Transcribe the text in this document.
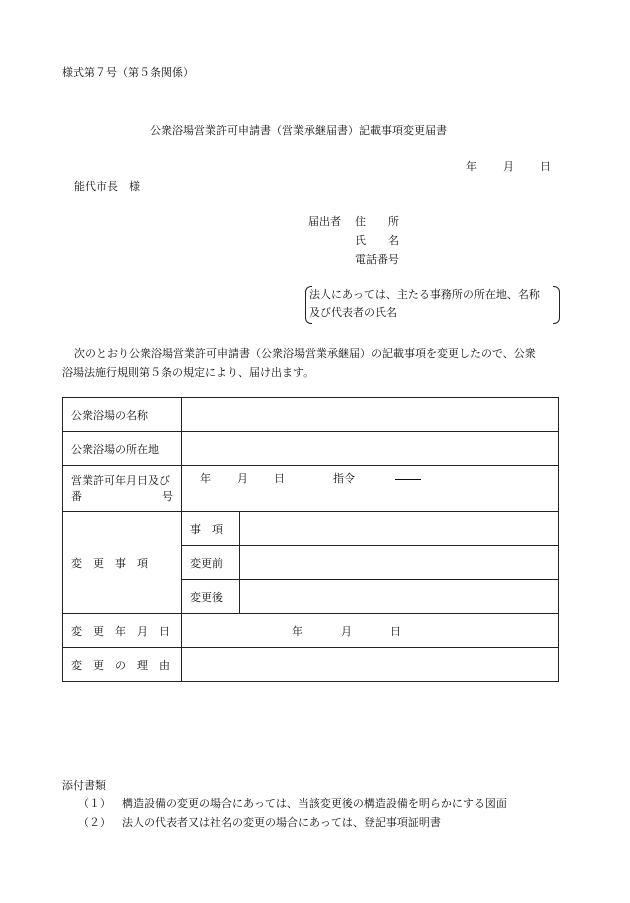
様式第７号（第５条関係）
公衆浴場営業許可申請書（営業承継届書）記載事項変更届書
年 月 日
能代市長　様
届出者 住　　所
氏　　名
電話番号
法人にあっては、主たる事務所の所在地、名称
及び代表者の氏名
次のとおり公衆浴場営業許可申請書（公衆浴場営業承継届）の記載事項を変更したので、公衆
浴場法施行規則第５条の規定により、届け出ます。
公衆浴場の名称		
公衆浴場の所在地		

営業許可年月日及び
番 号	年 月 日 指令	

変　更　事　項	事　項	
	変更前	
	変更後	
変　更　年　月　日	年 月 日	

変　更　の　理　由		
添付書類
（１） 構造設備の変更の場合にあっては、当該変更後の構造設備を明らかにする図面
（２） 法人の代表者又は社名の変更の場合にあっては、登記事項証明書
